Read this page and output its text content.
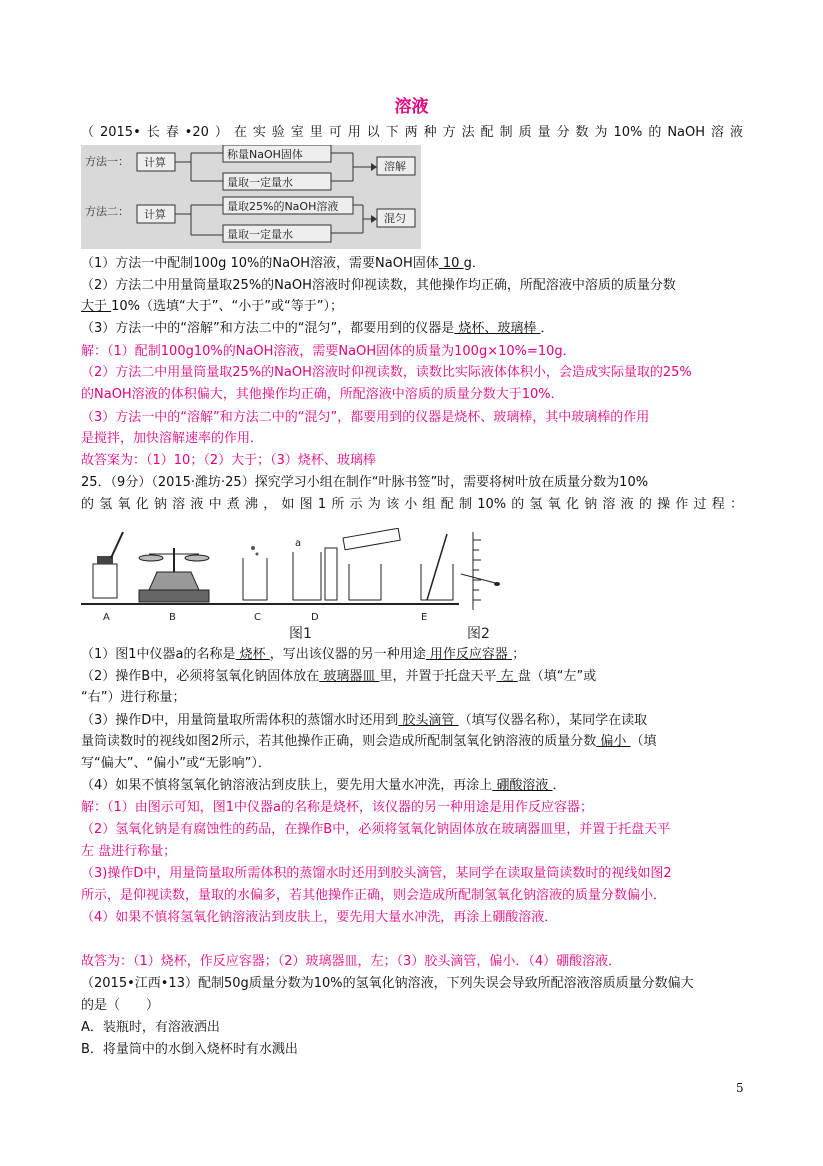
溶液
（2015•长春•20）在实验室里可用以下两种方法配制质量分数为10%的NaOH溶液
方法一： 计算
称量NaOH固体
量取一定量水
溶解
方法二： 计算
量取25%的NaOH溶液
量取一定量水
混匀
（1）方法一中配制100g 10%的NaOH溶液，需要NaOH固体 10 g．
（2）方法二中用量筒量取25%的NaOH溶液时仰视读数，其他操作均正确，所配溶液中溶质的质量分数
大于 10%（选填“大于”、“小于”或“等于”）；
（3）方法一中的“溶解”和方法二中的“混匀”，都要用到的仪器是 烧杯、玻璃棒 ．
解：（1）配制100g10%的NaOH溶液，需要NaOH固体的质量为100g×10%=10g．
（2）方法二中用量筒量取25%的NaOH溶液时仰视读数，读数比实际液体体积小，会造成实际量取的25%
的NaOH溶液的体积偏大，其他操作均正确，所配溶液中溶质的质量分数大于10%．
（3）方法一中的“溶解”和方法二中的“混匀”，都要用到的仪器是烧杯、玻璃棒，其中玻璃棒的作用
是搅拌，加快溶解速率的作用．
故答案为：（1）10；（2）大于；（3）烧杯、玻璃棒
25．（9分）（2015·潍坊·25）探究学习小组在制作“叶脉书签”时，需要将树叶放在质量分数为10%
的氢氧化钠溶液中煮沸，如图1所示为该小组配制10%的氢氧化钠溶液的操作过程：
A	B	C	D	E
a
图1	图2
（1）图1中仪器a的名称是 烧杯 ，写出该仪器的另一种用途 用作反应容器 ；
（2）操作B中，必须将氢氧化钠固体放在 玻璃器皿 里，并置于托盘天平 左 盘（填“左”或
“右”）进行称量；
（3）操作D中，用量筒量取所需体积的蒸馏水时还用到 胶头滴管 （填写仪器名称），某同学在读取
量筒读数时的视线如图2所示，若其他操作正确，则会造成所配制氢氧化钠溶液的质量分数 偏小 （填
写“偏大”、“偏小”或“无影响”）．
（4）如果不慎将氢氧化钠溶液沾到皮肤上，要先用大量水冲洗，再涂上 硼酸溶液 ．
解：（1）由图示可知，图1中仪器a的名称是烧杯，该仪器的另一种用途是用作反应容器；
（2）氢氧化钠是有腐蚀性的药品，在操作B中，必须将氢氧化钠固体放在玻璃器皿里，并置于托盘天平
左 盘进行称量；
（3)操作D中，用量筒量取所需体积的蒸馏水时还用到胶头滴管，某同学在读取量筒读数时的视线如图2
所示，是仰视读数，量取的水偏多，若其他操作正确，则会造成所配制氢氧化钠溶液的质量分数偏小．
（4）如果不慎将氢氧化钠溶液沾到皮肤上，要先用大量水冲洗，再涂上硼酸溶液．
故答为：（1）烧杯，作反应容器；（2）玻璃器皿，左；（3）胶头滴管，偏小．（4）硼酸溶液．
（2015•江西•13）配制50g质量分数为10%的氢氧化钠溶液，下列失误会导致所配溶液溶质质量分数偏大
的是（　　）
A．装瓶时，有溶液洒出
B．将量筒中的水倒入烧杯时有水溅出
5
